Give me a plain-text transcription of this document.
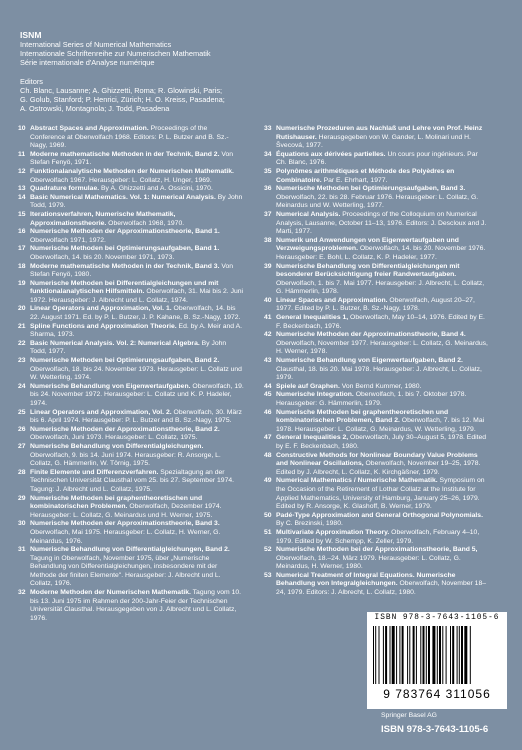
ISNM
International Series of Numerical Mathematics
Internationale Schriftenreihe zur Numerischen Mathematik
Série internationale d'Analyse numérique
Editors
Ch. Blanc, Lausanne; A. Ghizzetti, Roma; R. Glowinski, Paris;
G. Golub, Stanford; P. Henrici, Zürich; H. O. Kreiss, Pasadena;
A. Ostrowski, Montagnola; J. Todd, Pasadena
10 Abstract Spaces and Approximation. Proceedings of the Conference at Oberwolfach 1968. Editors: P. L. Butzer and B. Sz.-Nagy, 1969.
11 Moderne mathematische Methoden in der Technik, Band 2. Von Stefan Fenyö, 1971.
12 Funktionalanalytische Methoden der Numerischen Mathematik. Oberwolfach 1967. Herausgeber: L. Collatz, H. Unger, 1969.
13 Quadrature formulae. By A. Ghizzetti and A. Ossicini, 1970.
14 Basic Numerical Mathematics. Vol. 1: Numerical Analysis. By John Todd, 1979.
15 Iterationsverfahren, Numerische Mathematik, Approximationstheorie. Oberwolfach 1968, 1970.
16 Numerische Methoden der Approximationstheorie, Band 1. Oberwolfach 1971, 1972.
17 Numerische Methoden bei Optimierungsaufgaben, Band 1. Oberwolfach, 14. bis 20. November 1971, 1973.
18 Moderne mathematische Methoden in der Technik, Band 3. Von Stefan Fenyö, 1980.
19 Numerische Methoden bei Differentialgleichungen und mit funktionalanalytischen Hilfsmitteln. Oberwolfach, 31. Mai bis 2. Juni 1972. Herausgeber: J. Albrecht und L. Collatz, 1974.
20 Linear Operators and Approximation, Vol. 1. Oberwolfach, 14. bis 22. August 1971. Ed. by P. L. Butzer, J. P. Kahane, B. Sz.-Nagy, 1972.
21 Spline Functions and Approximation Theorie. Ed. by A. Meir and A. Sharma, 1973.
22 Basic Numerical Analysis. Vol. 2: Numerical Algebra. By John Todd, 1977.
23 Numerische Methoden bei Optimierungsaufgaben, Band 2. Oberwolfach, 18. bis 24. November 1973. Herausgeber: L. Collatz und W. Wetterling, 1974.
24 Numerische Behandlung von Eigenwertaufgaben. Oberwolfach, 19. bis 24. November 1972. Herausgeber: L. Collatz und K. P. Hadeler, 1974.
25 Linear Operators and Approximation, Vol. 2. Oberwolfach, 30. März bis 6. April 1974. Herausgeber: P. L. Butzer and B. Sz.-Nagy, 1975.
26 Numerische Methoden der Approximationstheorie, Band 2. Oberwolfach, Juni 1973. Herausgeber: L. Collatz, 1975.
27 Numerische Behandlung von Differentialgleichungen. Oberwolfach, 9. bis 14. Juni 1974. Herausgeber: R. Ansorge, L. Collatz, G. Hämmerlin, W. Törnig, 1975.
28 Finite Elemente und Differenzverfahren. Spezialtagung an der Technischen Universität Clausthal vom 25. bis 27. September 1974. Tagung: J. Albrecht und L. Collatz, 1975.
29 Numerische Methoden bei graphentheoretischen und kombinatorischen Problemen. Oberwolfach, Dezember 1974. Herausgeber: L. Collatz, G. Meinardus und H. Werner, 1975.
30 Numerische Methoden der Approximationstheorie, Band 3. Oberwolfach, Mai 1975. Herausgeber: L. Collatz, H. Werner, G. Meinardus, 1976.
31 Numerische Behandlung von Differentialgleichungen, Band 2. Tagung in Oberwolfach, November 1975, über „Numerische Behandlung von Differentialgleichungen, insbesondere mit der Methode der finiten Elemente". Herausgeber: J. Albrecht und L. Collatz, 1976.
32 Moderne Methoden der Numerischen Mathematik. Tagung vom 10. bis 13. Juni 1975 im Rahmen der 200-Jahr-Feier der Technischen Universität Clausthal. Herausgegeben von J. Albrecht und L. Collatz, 1976.
33 Numerische Prozeduren aus Nachlaß und Lehre von Prof. Heinz Rutishauser. Herausgegeben von W. Gander, L. Molinari und H. Švecová, 1977.
34 Équations aux dérivées partielles. Un cours pour ingénieurs. Par Ch. Blanc, 1976.
35 Polynômes arithmétiques et Méthode des Polyèdres en Combinatoire. Par E. Ehrhart, 1977.
36 Numerische Methoden bei Optimierungsaufgaben, Band 3. Oberwolfach, 22. bis 28. Februar 1976. Herausgeber: L. Collatz, G. Meinardus und W. Wetterling, 1977.
37 Numerical Analysis. Proceedings of the Colloquium on Numerical Analysis, Lausanne, October 11–13, 1976. Editors: J. Descloux and J. Marti, 1977.
38 Numerik und Anwendungen von Eigenwertaufgaben und Verzweigungsproblemen. Oberwolfach, 14. bis 20. November 1976. Herausgeber: E. Bohl, L. Collatz, K. P. Hadeler, 1977.
39 Numerische Behandlung von Differentialgleichungen mit besonderer Berücksichtigung freier Randwertaufgaben. Oberwolfach, 1. bis 7. Mai 1977. Herausgeber: J. Albrecht, L. Collatz, G. Hämmerlin, 1978.
40 Linear Spaces and Approximation. Oberwolfach, August 20–27, 1977. Edited by P. L. Butzer, B. Sz.-Nagy, 1978.
41 General Inequalities 1, Oberwolfach, May 10–14, 1976. Edited by E. F. Beckenbach, 1976.
42 Numerische Methoden der Approximationstheorie, Band 4. Oberwolfach, November 1977. Herausgeber: L. Collatz, G. Meinardus, H. Werner, 1978.
43 Numerische Behandlung von Eigenwertaufgaben, Band 2. Clausthal, 18. bis 20. Mai 1978. Herausgeber: J. Albrecht, L. Collatz, 1979.
44 Spiele auf Graphen. Von Bernd Kummer, 1980.
45 Numerische Integration. Oberwolfach, 1. bis 7. Oktober 1978. Herausgeber: G. Hämmerlin, 1979.
46 Numerische Methoden bei graphentheoretischen und kombinatorischen Problemen, Band 2. Oberwolfach, 7. bis 12. Mai 1978. Herausgeber: L. Collatz, G. Meinardus, W. Wetterling, 1979.
47 General Inequalities 2, Oberwolfach, July 30–August 5, 1978. Edited by E. F. Beckenbach, 1980.
48 Constructive Methods for Nonlinear Boundary Value Problems and Nonlinear Oscillations, Oberwolfach, November 19–25, 1978. Edited by J. Albrecht, L. Collatz, K. Kirchgäßner, 1979.
49 Numerical Mathematics / Numerische Mathematik. Symposium on the Occasion of the Retirement of Lothar Collatz at the Institute for Applied Mathematics, University of Hamburg, January 25–26, 1979. Edited by R. Ansorge, K. Glashoff, B. Werner, 1979.
50 Padé-Type Approximation and General Orthogonal Polynomials. By C. Brezinski, 1980.
51 Multivariate Approximation Theory. Oberwolfach, February 4–10, 1979. Edited by W. Schempp, K. Zeller, 1979.
52 Numerische Methoden bei der Approximationstheorie, Band 5, Oberwolfach, 18.–24. März 1979. Herausgeber: L. Collatz, G. Meinardus, H. Werner, 1980.
53 Numerical Treatment of Integral Equations. Numerische Behandlung von Integralgleichungen. Oberwolfach, November 18–24, 1979. Editors: J. Albrecht, L. Collatz, 1980.
ISBN 978-3-7643-1105-6
9 783764 311056
Springer Basel AG
ISBN 978-3-7643-1105-6
